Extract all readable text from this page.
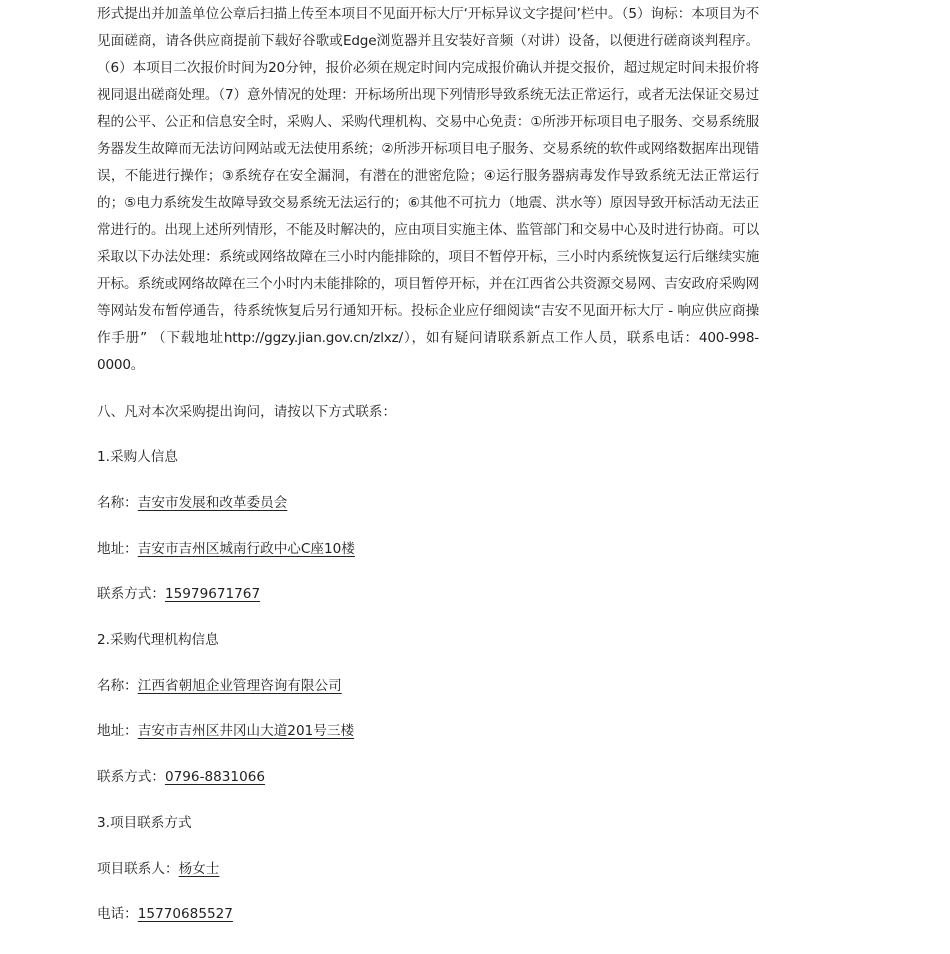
形式提出并加盖单位公章后扫描上传至本项目不见面开标大厅‘开标异议文字提问’栏中。（5）询标：本项目为不见面磋商，请各供应商提前下载好谷歌或Edge浏览器并且安装好音频（对讲）设备，以便进行磋商谈判程序。（6）本项目二次报价时间为20分钟，报价必须在规定时间内完成报价确认并提交报价，超过规定时间未报价将视同退出磋商处理。（7）意外情况的处理：开标场所出现下列情形导致系统无法正常运行，或者无法保证交易过程的公平、公正和信息安全时，采购人、采购代理机构、交易中心免责：①所涉开标项目电子服务、交易系统服务器发生故障而无法访问网站或无法使用系统；②所涉开标项目电子服务、交易系统的软件或网络数据库出现错误，不能进行操作；③系统存在安全漏洞，有潜在的泄密危险；④运行服务器病毒发作导致系统无法正常运行的；⑤电力系统发生故障导致交易系统无法运行的；⑥其他不可抗力（地震、洪水等）原因导致开标活动无法正常进行的。出现上述所列情形，不能及时解决的，应由项目实施主体、监管部门和交易中心及时进行协商。可以采取以下办法处理：系统或网络故障在三小时内能排除的，项目不暂停开标，三小时内系统恢复运行后继续实施开标。系统或网络故障在三个小时内未能排除的，项目暂停开标，并在江西省公共资源交易网、吉安政府采购网等网站发布暂停通告，待系统恢复后另行通知开标。投标企业应仔细阅读“吉安不见面开标大厅 - 响应供应商操作手册” （下载地址http://ggzy.jian.gov.cn/zlxz/），如有疑问请联系新点工作人员，联系电话：400-998-0000。
八、凡对本次采购提出询问，请按以下方式联系：
1.采购人信息
名称：吉安市发展和改革委员会
地址：吉安市吉州区城南行政中心C座10楼
联系方式：15979671767
2.采购代理机构信息
名称：江西省朝旭企业管理咨询有限公司
地址：吉安市吉州区井冈山大道201号三楼
联系方式：0796-8831066
3.项目联系方式
项目联系人：杨女士
电话：15770685527
